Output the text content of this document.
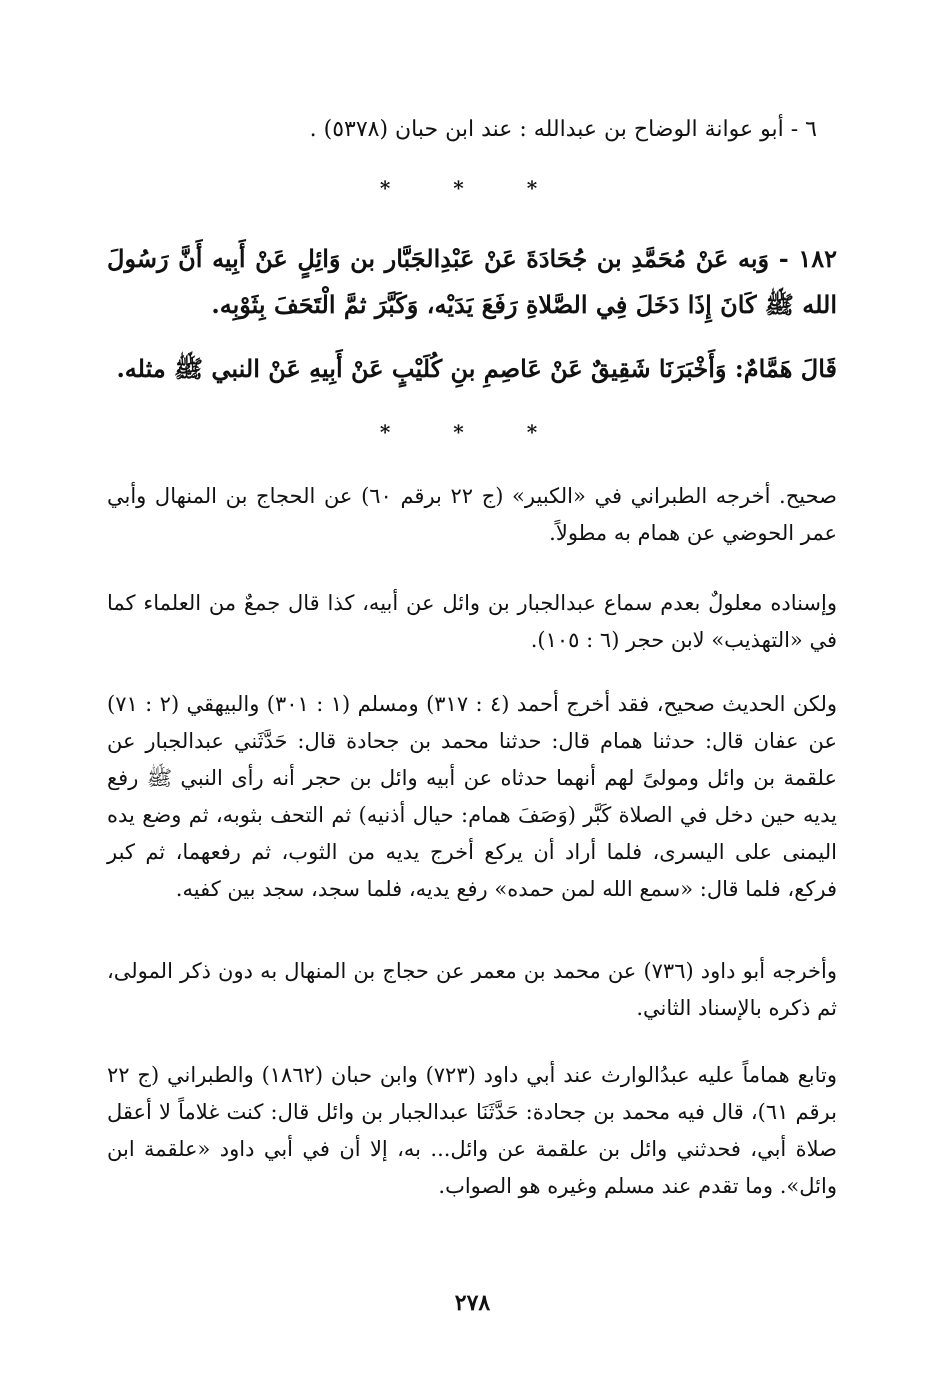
٦ - أبو عوانة الوضاح بن عبدالله : عند ابن حبان (٥٣٧٨) .
* * *
١٨٢ - وَبه عَنْ مُحَمَّدِ بن جُحَادَةَ عَنْ عَبْدِالجَبَّار بن وَائِلٍ عَنْ أَبِيه أَنَّ رَسُولَ الله ﷺ كَانَ إِذَا دَخَلَ فِي الصَّلاةِ رَفَعَ يَدَيْه، وَكَبَّرَ ثمَّ الْتَحَفَ بِثَوْبِه.
قَالَ هَمَّامٌ: وَأَخْبَرَنَا شَقِيقٌ عَنْ عَاصِمِ بنِ كُلَيْبٍ عَنْ أَبِيهِ عَنْ النبي ﷺ مثله.
* * *
صحيح. أخرجه الطبراني في «الكبير» (ج ٢٢ برقم ٦٠) عن الحجاج بن المنهال وأبي عمر الحوضي عن همام به مطولاً.
وإسناده معلولٌ بعدم سماع عبدالجبار بن وائل عن أبيه، كذا قال جمعٌ من العلماء كما في «التهذيب» لابن حجر (٦ : ١٠٥).
ولكن الحديث صحيح، فقد أخرج أحمد (٤ : ٣١٧) ومسلم (١ : ٣٠١) والبيهقي (٢ : ٧١) عن عفان قال: حدثنا همام قال: حدثنا محمد بن جحادة قال: حَدَّثَني عبدالجبار عن علقمة بن وائل ومولىً لهم أنهما حدثاه عن أبيه وائل بن حجر أنه رأى النبي ﷺ رفع يديه حين دخل في الصلاة كَبَّر (وَصَفَ همام: حيال أذنيه) ثم التحف بثوبه، ثم وضع يده اليمنى على اليسرى، فلما أراد أن يركع أخرج يديه من الثوب، ثم رفعهما، ثم كبر فركع، فلما قال: «سمع الله لمن حمده» رفع يديه، فلما سجد، سجد بين كفيه.
وأخرجه أبو داود (٧٣٦) عن محمد بن معمر عن حجاج بن المنهال به دون ذكر المولى، ثم ذكره بالإسناد الثاني.
وتابع هماماً عليه عبدُالوارث عند أبي داود (٧٢٣) وابن حبان (١٨٦٢) والطبراني (ج ٢٢ برقم ٦١)، قال فيه محمد بن جحادة: حَدَّثَنَا عبدالجبار بن وائل قال: كنت غلاماً لا أعقل صلاة أبي، فحدثني وائل بن علقمة عن وائل... به، إلا أن في أبي داود «علقمة ابن وائل». وما تقدم عند مسلم وغيره هو الصواب.
٢٧٨
